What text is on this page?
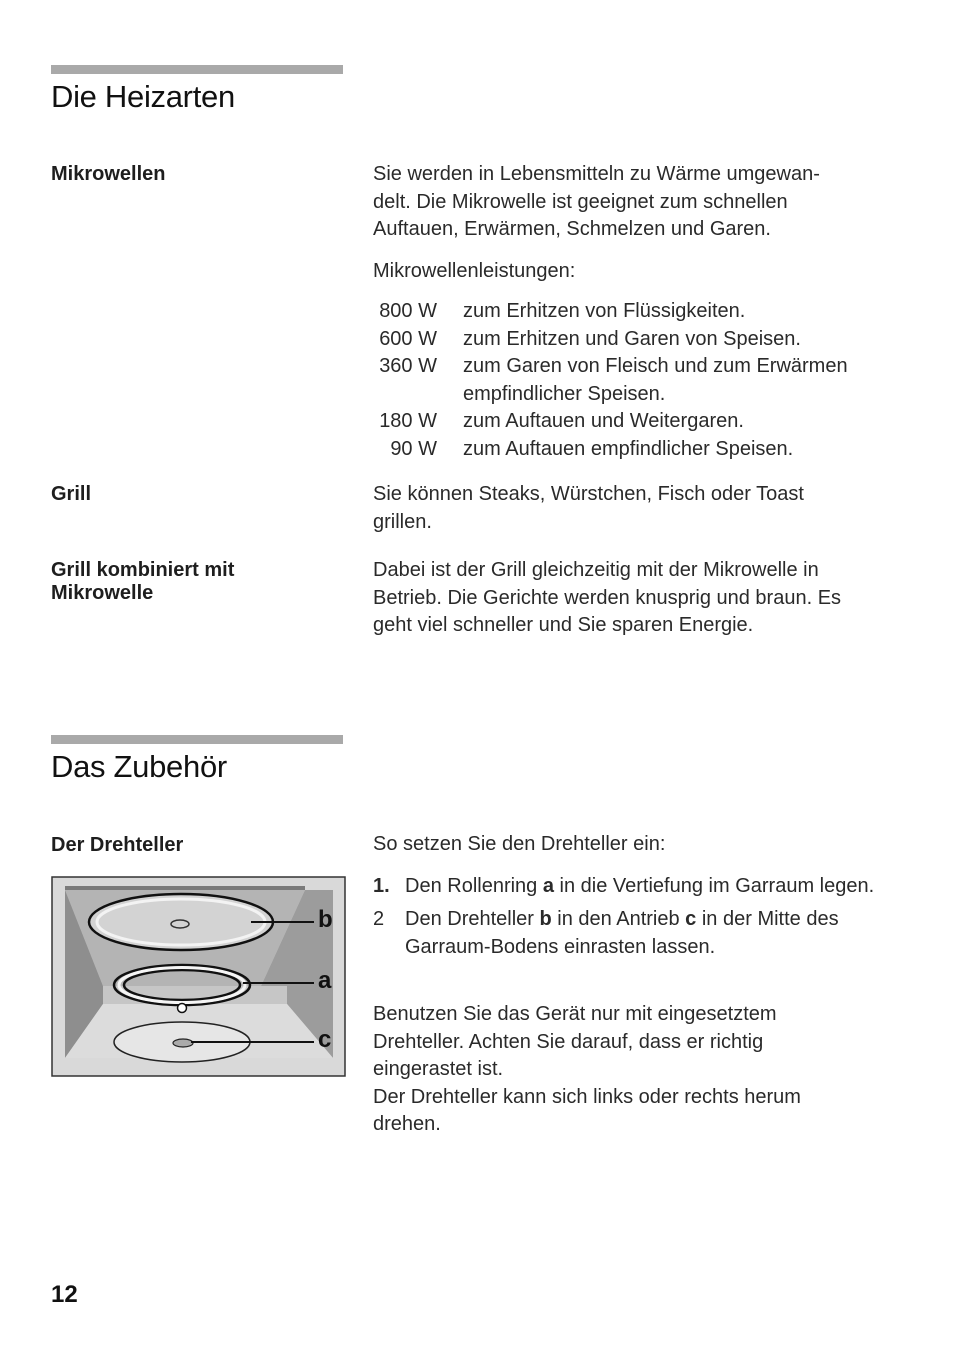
Die Heizarten
Mikrowellen	Sie werden in Lebensmitteln zu Wärme umgewan-
delt. Die Mikrowelle ist geeignet zum schnellen
Auftauen, Erwärmen, Schmelzen und Garen.
Mikrowellenleistungen:
800 W zum Erhitzen von Flüssigkeiten.
600 W zum Erhitzen und Garen von Speisen.
360 W zum Garen von Fleisch und zum Erwärmen empfindlicher Speisen.
180 W zum Auftauen und Weitergaren.
90 W zum Auftauen empfindlicher Speisen.
Grill	Sie können Steaks, Würstchen, Fisch oder Toast grillen.
Grill kombiniert mit
Mikrowelle
Dabei ist der Grill gleichzeitig mit der Mikrowelle in
Betrieb. Die Gerichte werden knusprig und braun. Es
geht viel schneller und Sie sparen Energie.
Das Zubehör
Der Drehteller
b
a
c
So setzen Sie den Drehteller ein:
1. Den Rollenring a in die Vertiefung im Garraum legen.
2	Den Drehteller b in den Antrieb c in der Mitte des Garraum-Bodens einrasten lassen.
Benutzen Sie das Gerät nur mit eingesetztem
Drehteller. Achten Sie darauf, dass er richtig
eingerastet ist.
Der Drehteller kann sich links oder rechts herum drehen.
12
